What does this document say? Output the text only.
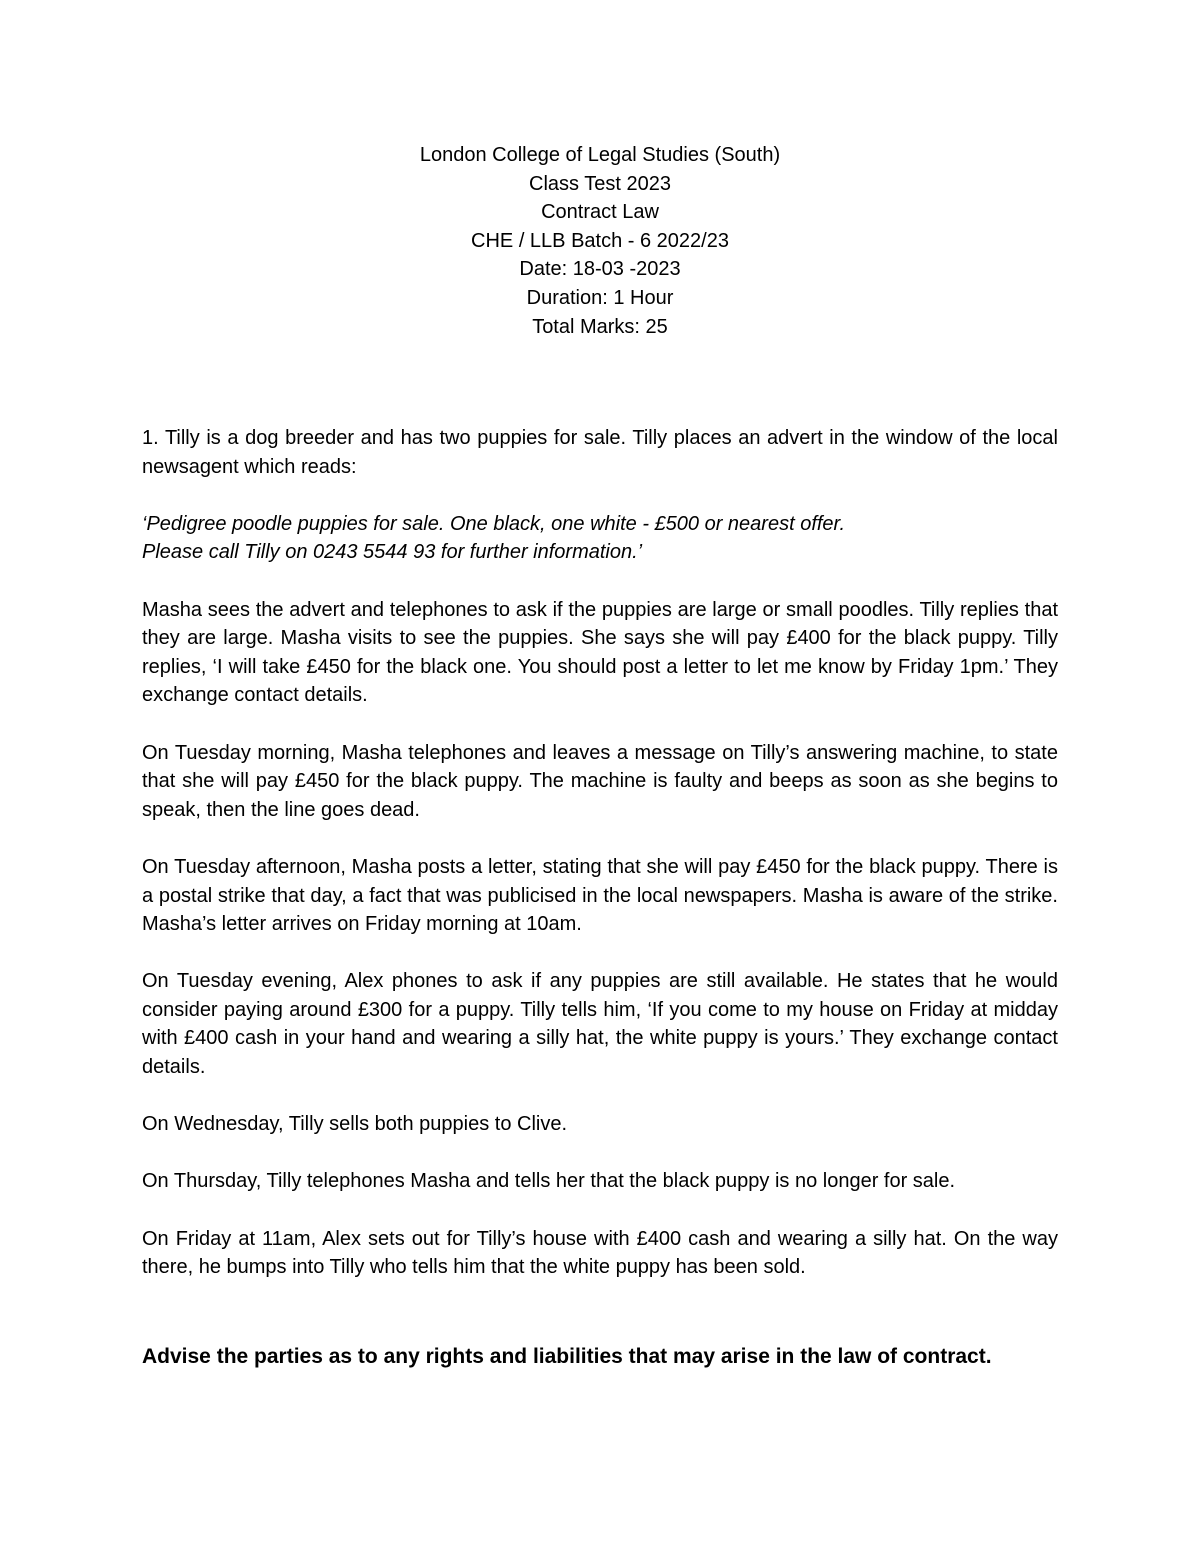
London College of Legal Studies (South)
Class Test 2023
Contract Law
CHE / LLB Batch - 6 2022/23
Date: 18-03 -2023
Duration: 1 Hour
Total Marks: 25

1. Tilly is a dog breeder and has two puppies for sale. Tilly places an advert in the window of the local newsagent which reads:

‘Pedigree poodle puppies for sale. One black, one white - £500 or nearest offer.
Please call Tilly on 0243 5544 93 for further information.’

Masha sees the advert and telephones to ask if the puppies are large or small poodles. Tilly replies that they are large. Masha visits to see the puppies. She says she will pay £400 for the black puppy. Tilly replies, ‘I will take £450 for the black one. You should post a letter to let me know by Friday 1pm.’ They exchange contact details.

On Tuesday morning, Masha telephones and leaves a message on Tilly’s answering machine, to state that she will pay £450 for the black puppy. The machine is faulty and beeps as soon as she begins to speak, then the line goes dead.

On Tuesday afternoon, Masha posts a letter, stating that she will pay £450 for the black puppy. There is a postal strike that day, a fact that was publicised in the local newspapers. Masha is aware of the strike. Masha’s letter arrives on Friday morning at 10am.

On Tuesday evening, Alex phones to ask if any puppies are still available. He states that he would consider paying around £300 for a puppy. Tilly tells him, ‘If you come to my house on Friday at midday with £400 cash in your hand and wearing a silly hat, the white puppy is yours.’ They exchange contact details.

On Wednesday, Tilly sells both puppies to Clive.

On Thursday, Tilly telephones Masha and tells her that the black puppy is no longer for sale.

On Friday at 11am, Alex sets out for Tilly’s house with £400 cash and wearing a silly hat. On the way there, he bumps into Tilly who tells him that the white puppy has been sold.

Advise the parties as to any rights and liabilities that may arise in the law of contract.
